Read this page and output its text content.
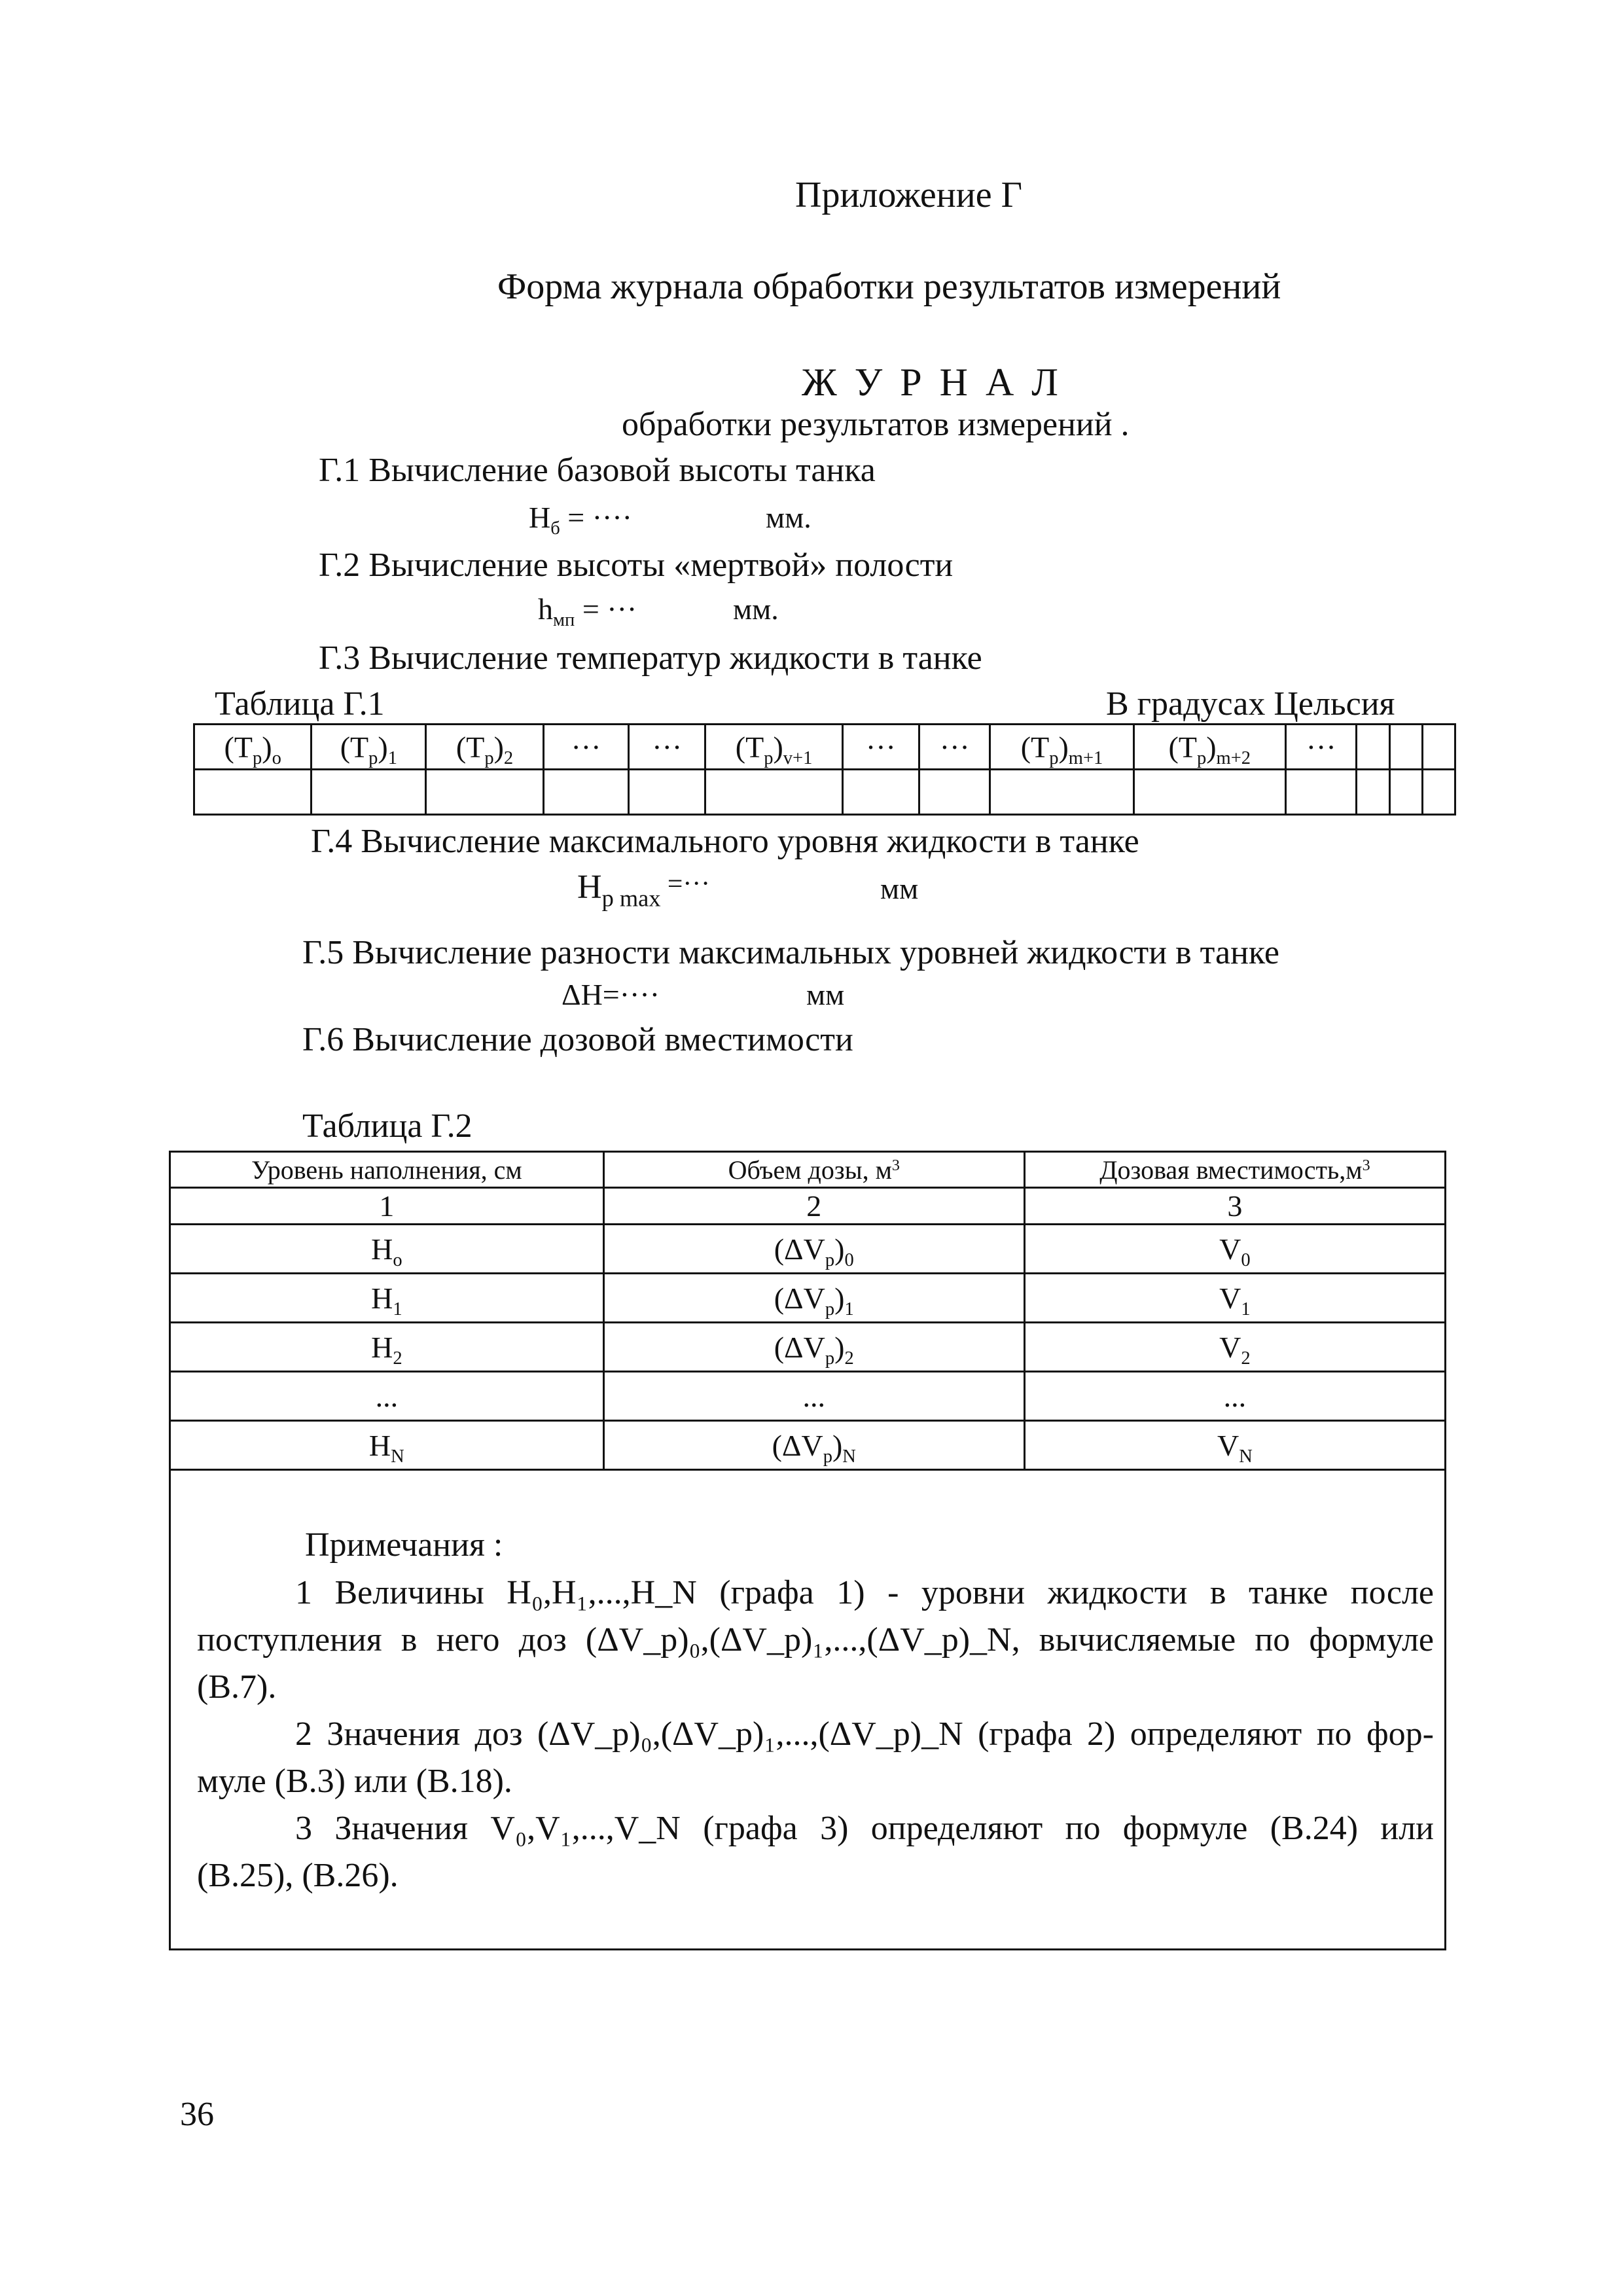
Приложение Г
Форма журнала обработки результатов измерений
Ж У Р Н А Л
обработки результатов измерений .
Г.1 Вычисление базовой высоты танка
$H_б$ = ····	мм.
Г.2 Вычисление высоты «мертвой» полости
$h_{мп}$ = ···	мм.
Г.3 Вычисление температур жидкости в танке
Таблица Г.1	В градусах Цельсия
$(T_p)_o$	$(T_p)_1$	$(T_p)_2$	···	···	$(T_p)_{v+1}$	···	···	$(T_p)_{m+1}$	$(T_p)_{m+2}$	···			

Г.4 Вычисление максимального уровня жидкости в танке
$H_{p max}$ =···	мм
Г.5 Вычисление разности максимальных уровней жидкости в танке
ΔH=····	мм
Г.6 Вычисление дозовой вместимости
Таблица Г.2
Уровень наполнения, см	Объем дозы, $м^3$	Дозовая $вместимость,м^3$
1	2	3
$H_o$	$(\Delta V_p)_0$	$V_0$
$H_1$	$(\Delta V_p)_1$	$V_1$
$H_2$	$(\Delta V_p)_2$	$V_2$
...	...	...
$H_N$	$(\Delta V_p)_N$	$V_N$
Примечания :
1 Величины H₀,H₁,...,H_N (графа 1) - уровни жидкости в танке после
поступления в него доз (ΔV_p)₀,(ΔV_p)₁,...,(ΔV_p)_N, вычисляемые по формуле
(В.7).
2 Значения доз (ΔV_p)₀,(ΔV_p)₁,...,(ΔV_p)_N (графа 2) определяют по фор-
муле (В.3) или (В.18).
3 Значения V₀,V₁,...,V_N (графа 3) определяют по формуле (В.24) или
(В.25), (В.26).
36
